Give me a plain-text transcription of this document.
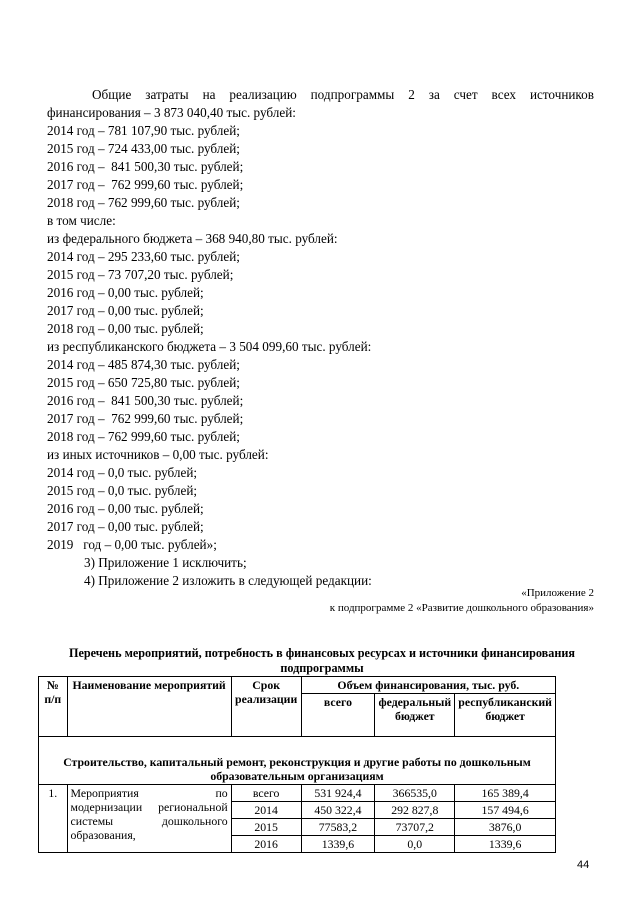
Общие затраты на реализацию подпрограммы 2 за счет всех источников финансирования – 3 873 040,40 тыс. рублей:
2014 год – 781 107,90 тыс. рублей;
2015 год – 724 433,00 тыс. рублей;
2016 год –  841 500,30 тыс. рублей;
2017 год –  762 999,60 тыс. рублей;
2018 год – 762 999,60 тыс. рублей;
в том числе:
из федерального бюджета – 368 940,80 тыс. рублей:
2014 год – 295 233,60 тыс. рублей;
2015 год – 73 707,20 тыс. рублей;
2016 год – 0,00 тыс. рублей;
2017 год – 0,00 тыс. рублей;
2018 год – 0,00 тыс. рублей;
из республиканского бюджета – 3 504 099,60 тыс. рублей:
2014 год – 485 874,30 тыс. рублей;
2015 год – 650 725,80 тыс. рублей;
2016 год –  841 500,30 тыс. рублей;
2017 год –  762 999,60 тыс. рублей;
2018 год – 762 999,60 тыс. рублей;
из иных источников – 0,00 тыс. рублей:
2014 год – 0,0 тыс. рублей;
2015 год – 0,0 тыс. рублей;
2016 год – 0,00 тыс. рублей;
2017 год – 0,00 тыс. рублей;
2019   год – 0,00 тыс. рублей»;
3) Приложение 1 исключить;
4) Приложение 2 изложить в следующей редакции:
«Приложение 2
к подпрограмме 2 «Развитие дошкольного образования»
Перечень мероприятий, потребность в финансовых ресурсах и источники финансирования подпрограммы
№ п/п	Наименование мероприятий	Срок реализации	Объем финансирования, тыс. руб.		
			всего	федеральный бюджет	республиканский бюджет
Строительство, капитальный ремонт, реконструкция и другие работы по дошкольным образовательным организациям					
1.	Мероприятия по модернизации региональной системы дошкольного образования,	всего	531 924,4	366535,0	165 389,4
		2014	450 322,4	292 827,8	157 494,6
		2015	77583,2	73707,2	3876,0
		2016	1339,6	0,0	1339,6
44
